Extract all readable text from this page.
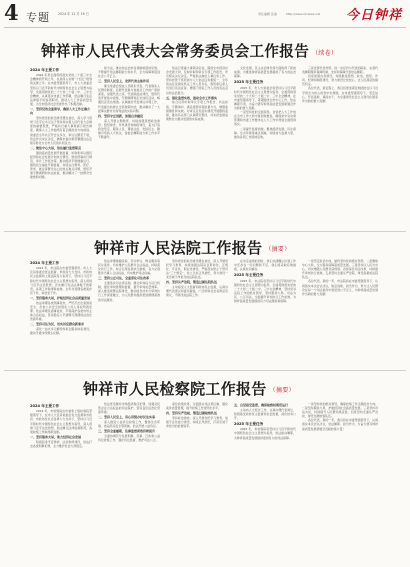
4 专题	2024 年 12 月 16 日	责任编辑 张丽	http://www.zxnews.net 今日钟祥
钟祥市人民代表大会常务委员会工作报告 （续卷）
2024 年主要工作

2024 年是全面贯彻落实党的二十届三中全会精神的开局之年，也是深入实施“十四五”规划的关键之年。在市委坚强领导下，市人大常委会坚持以习近平新时代中国特色社会主义思想为指导，全面贯彻党的二十大和二十届二中、三中全会精神，认真落实市委工作部署，依法履行宪法法律赋予的各项职责，推动人大工作高质量发展，为全市经济社会发展作出了积极贡献。

一、坚持党的全面领导，确保人大工作正确方向

坚持把党的政治建设摆在首位，深入学习贯彻习近平总书记关于坚持和完善人民代表大会制度的重要思想，严格执行重大事项请示报告制度，确保人大工作始终沿着正确政治方向前进。常委会全年共召开会议多次，审议议题若干项，依法作出决议决定，确保市委决策部署通过法定程序转化为全市人民的共同意志。

二、聚焦中心大局，依法履行监督职责

围绕高质量发展开展监督，听取和审议国民经济和社会发展计划执行情况、财政预算执行情况、审计工作报告等，推动经济平稳健康运行。围绕民生福祉开展监督，持续关注教育、医疗、养老、就业等群众关心的热点难点问题，组织开展专题调研和执法检查，推动解决了一批群众急难愁盼问题。

和方法，推动依法治市各项措施落地见效，不断提升依法履职能力和水平，全力保障和促进社会公平正义。

三、坚持人民至上，发挥代表主体作用

健全常委会组成人员联系代表、代表联系人民群众制度，拓展代表参与常委会工作的广度和深度。加强代表之家、代表联络站建设，组织代表开展集中视察、专题调研和走访选民活动，畅通民意表达渠道。认真做好代表建议办理工作，代表提出的建议全部按期办结，推动解决了一大批事关群众切身利益的实际问题。

四、坚持守正创新，加强自身建设

深入开展主题教育，持续加强思想政治建设、组织建设、作风建设和制度建设，着力打造政治坚定、服务人民、尊崇法治、发扬民主、勤勉尽责的人大机关，常委会履职能力和工作水平不断提升。

依法行使重大事项决定权，围绕全市经济社会发展大局，及时听取和审议专项工作报告，作出相关决议决定。严格依法做好人事任免工作，坚持党管干部原则与人大依法任免相统一，全年依法任免国家机关工作人员多名，组织新任命人员进行宪法宣誓，增强了国家工作人员的宪法意识和法治观念。

五、强化监督实效，推动全市工作落实

综合运用听取审议专项工作报告、执法检查、专题询问、满意度测评等监督方式，增强监督刚性和实效。对审议意见落实情况开展跟踪监督，推动有关部门认真研究整改，切实把监督成果转化为推动发展的实际成效。

文化发展、民主法治建设等方面取得了新的成绩，为推进钟祥高质量发展提供了有力的法治保障。

2025 年主要任务

2025 年，市人大常委会将坚持以习近平新时代中国特色社会主义思想为指导，全面贯彻落实党的二十大和二十届二中、三中全会精神，在市委坚强领导下，紧紧围绕全市中心工作，依法履职尽责，为奋力谱写钟祥高质量发展新篇章作出新的更大贡献。

一是坚持党的全面领导。自觉把人大工作放在全市工作大局中谋划和推进，确保党中央决策部署和市委工作要求在人大工作中得到全面贯彻落实。

二是提升监督质效。聚焦经济发展、民生保障、生态环境等重点领域，持续加大监督力度，推动各项工作落地见效。

三是发挥代表作用。进一步密切与代表的联系，完善代表履职服务保障机制，支持和保障代表依法履职。

四是加强自身建设。持续推进思想、政治、组织、作风、纪律和制度建设，努力建设让党放心、让人民满意的模范机关。

各位代表，新征程上，我们将更加紧密地团结在以习近平同志为核心的党中央周围，在市委坚强领导下，坚定信心、开拓进取、真抓实干，为全面建设社会主义现代化国家作出新的更大贡献！

钟祥市人民法院工作报告 （摘要）
2024 年主要工作

2024 年，市法院在市委坚强领导、市人大及其常委会依法监督、市政府大力支持、市政协民主监督和上级法院有力指导下，坚持以习近平新时代中国特色社会主义思想为指导，深入贯彻习近平法治思想，忠实履行宪法法律赋予的职责，各项工作取得新成效。全年共受理各类案件若干件，审结若干件。

一、坚持服务大局，护航经济社会高质量发展

依法审理各类刑事案件，严厉打击危害国家安全、危害公共安全和侵犯公民人身权利的犯罪。依法审理民商事案件，平等保护各类市场主体合法权益，营造稳定公平透明可预期的法治化营商环境。

二、坚持司法为民，切实回应群众新要求

深化一站式多元解纷和诉讼服务体系建设，推动矛盾纠纷源头化解。

依法审理婚姻家庭、劳动争议、物业服务等民生案件，切实维护人民群众合法权益。持续深化执行工作，综合运用各项执行措施，有力兑现胜诉当事人合法权益，切实维护司法权威。

三、坚持公正司法，全面深化司法改革

全面落实司法责任制，健全审判权力运行机制，强化审判管理和监督，提升审判质量效率。深入推进智慧法院建设，推动信息技术与审判执行工作深度融合，为人民群众提供更加便捷高效的司法服务。

坚持把党的政治建设摆在首位，深入开展党纪学习教育，持续加强法院队伍革命化、正规化、专业化、职业化建设。严格落实防止干预司法“三个规定”，持之以恒正风肃纪，努力建设一支忠诚干净担当的法院队伍。

四、坚持从严治院，锻造过硬法院队伍

主动接受人大监督和政协民主监督，认真办理代表建议和委员提案，广泛听取社会各界意见建议，不断改进法院工作。

在肯定成绩的同时，我们也清醒认识到工作中还存在一些问题和不足，我们将采取有效措施，认真加以解决。

2025 年主要任务

2025 年，市法院将坚持以习近平新时代中国特色社会主义思想为指导，全面贯彻落实党的二十大和二十届二中、三中全会精神，坚持党对法院工作的绝对领导，坚持服务大局、司法为民、公正司法，全面提升审判执行工作质效，为钟祥高质量发展提供有力司法服务和保障。

一是坚定政治方向，始终坚持党的绝对领导。二是聚焦中心大局，全力服务保障高质量发展。三是坚持以人民为中心，切实增强人民群众获得感。四是深化司法改革，持续提升审判执行质效。五是坚持全面从严治院，建设高素质法院队伍。

各位代表，新的一年，市法院将在市委坚强领导下，认真落实本次会议决议，锐意进取、担当作为，努力让人民群众在每一个司法案件中感受到公平正义，为钟祥高质量发展作出新的更大贡献！

钟祥市人民检察院工作报告 （摘要）
2024 年主要工作

2024 年，市检察院在市委和上级检察院坚强领导下，在市人大及其常委会有力监督和市政府、市政协及社会各界大力支持下，坚持以习近平新时代中国特色社会主义思想为指导，深入贯彻习近平法治思想，依法履行法律监督职责，各项检察工作取得新进展。

一、坚持服务大局，助力经济社会发展

积极投身平安钟祥、法治钟祥建设，依法打击各类刑事犯罪，全力维护社会大局稳定。

依法惩治破坏市场经济秩序犯罪，加强对民营企业合法权益的司法保护，营造良好法治化营商环境。

二、坚持人民至上，用心用情办好民生实事

深入推进公益诉讼检察工作，聚焦生态环境、食品药品安全等领域，依法开展公益诉讼。

三、坚持全面履职，法律监督质效持续提升

全面协调充分发展刑事、民事、行政和公益诉讼检察工作，强化诉讼监督，维护司法公正。

深化检察改革，全面落实司法责任制，强化案件质量管理，提升检察工作现代化水平。

四、坚持从严治检，锻造过硬检察队伍

坚持政治建检，深入开展党纪学习教育，加强专业化能力建设，持续正风肃纪，打造忠诚干净担当的检察铁军。

五、自觉接受监督，确保检察权规范运行

主动向人大报告工作，认真办理代表建议，积极接受政协民主监督和社会监督，深化检务公开。

2025 年主要任务

2025 年，市检察院将坚持以习近平新时代中国特色社会主义思想为指导，依法能动履职，为钟祥高质量发展提供更加有力的司法保障。

一是坚持党的绝对领导，确保检察工作正确政治方向。二是坚持服务大局，护航经济社会高质量发展。三是坚持司法为民，持续提升人民群众满意度。四是坚持全面从严治检，建设过硬检察队伍。

各位代表，新的一年，我们将在市委坚强领导下，认真落实本次会议决议，依法履职、担当作为，为奋力谱写钟祥高质量发展新篇章贡献检察力量！
